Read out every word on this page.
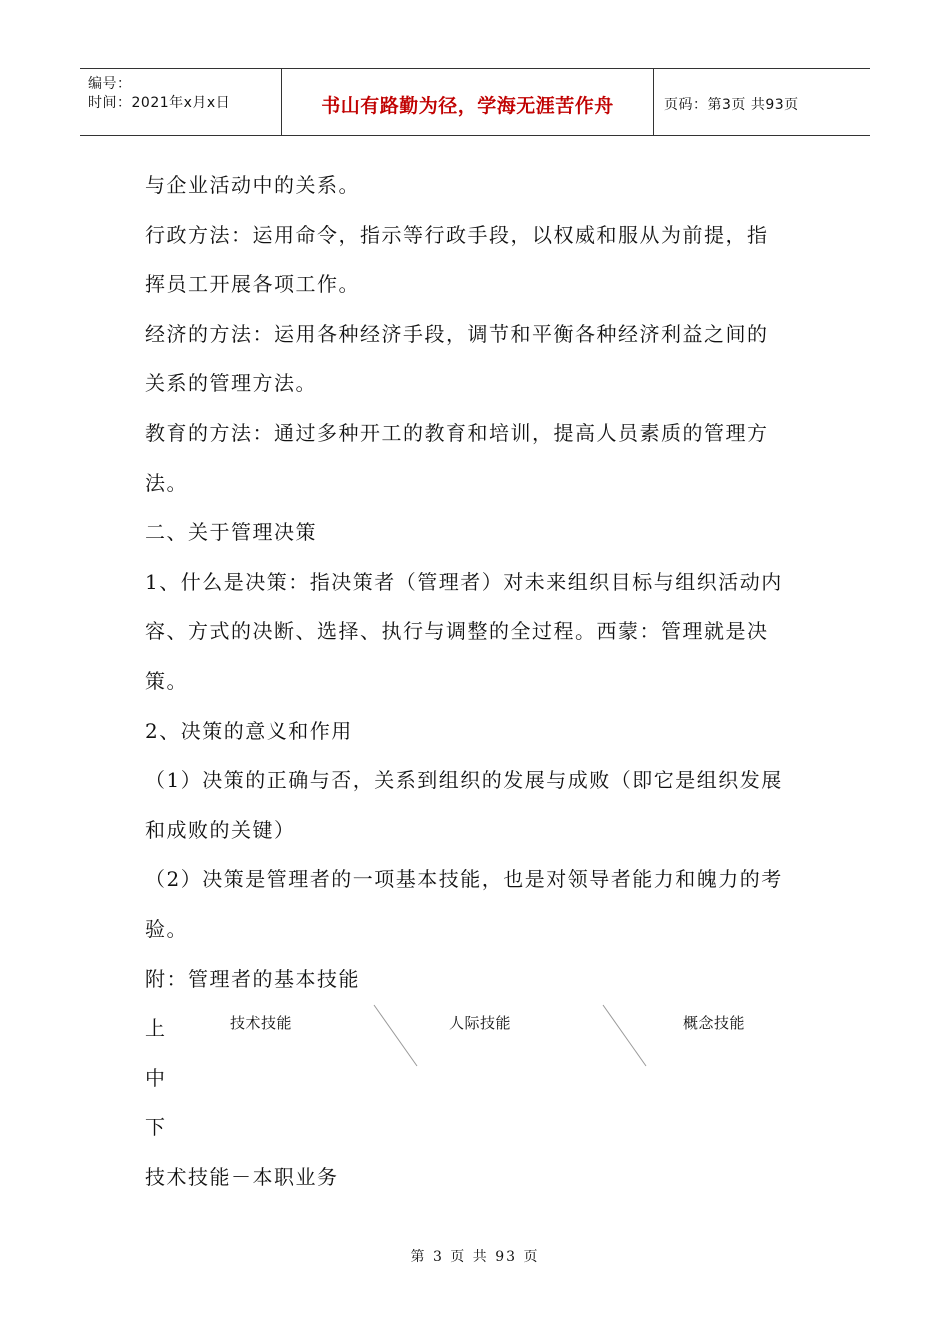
编号：
时间：2021年x月x日	书山有路勤为径，学海无涯苦作舟	页码：第3页 共93页

与企业活动中的关系。

行政方法：运用命令，指示等行政手段，以权威和服从为前提，指

挥员工开展各项工作。

经济的方法：运用各种经济手段，调节和平衡各种经济利益之间的

关系的管理方法。

教育的方法：通过多种开工的教育和培训，提高人员素质的管理方

法。

二、关于管理决策

1、什么是决策：指决策者（管理者）对未来组织目标与组织活动内

容、方式的决断、选择、执行与调整的全过程。西蒙：管理就是决

策。

2、决策的意义和作用

（1）决策的正确与否，关系到组织的发展与成败（即它是组织发展

和成败的关键）

（2）决策是管理者的一项基本技能，也是对领导者能力和魄力的考

验。

附：管理者的基本技能

上

中

下

技术技能－本职业务

技术技能	人际技能	概念技能
第 3 页 共 93 页
